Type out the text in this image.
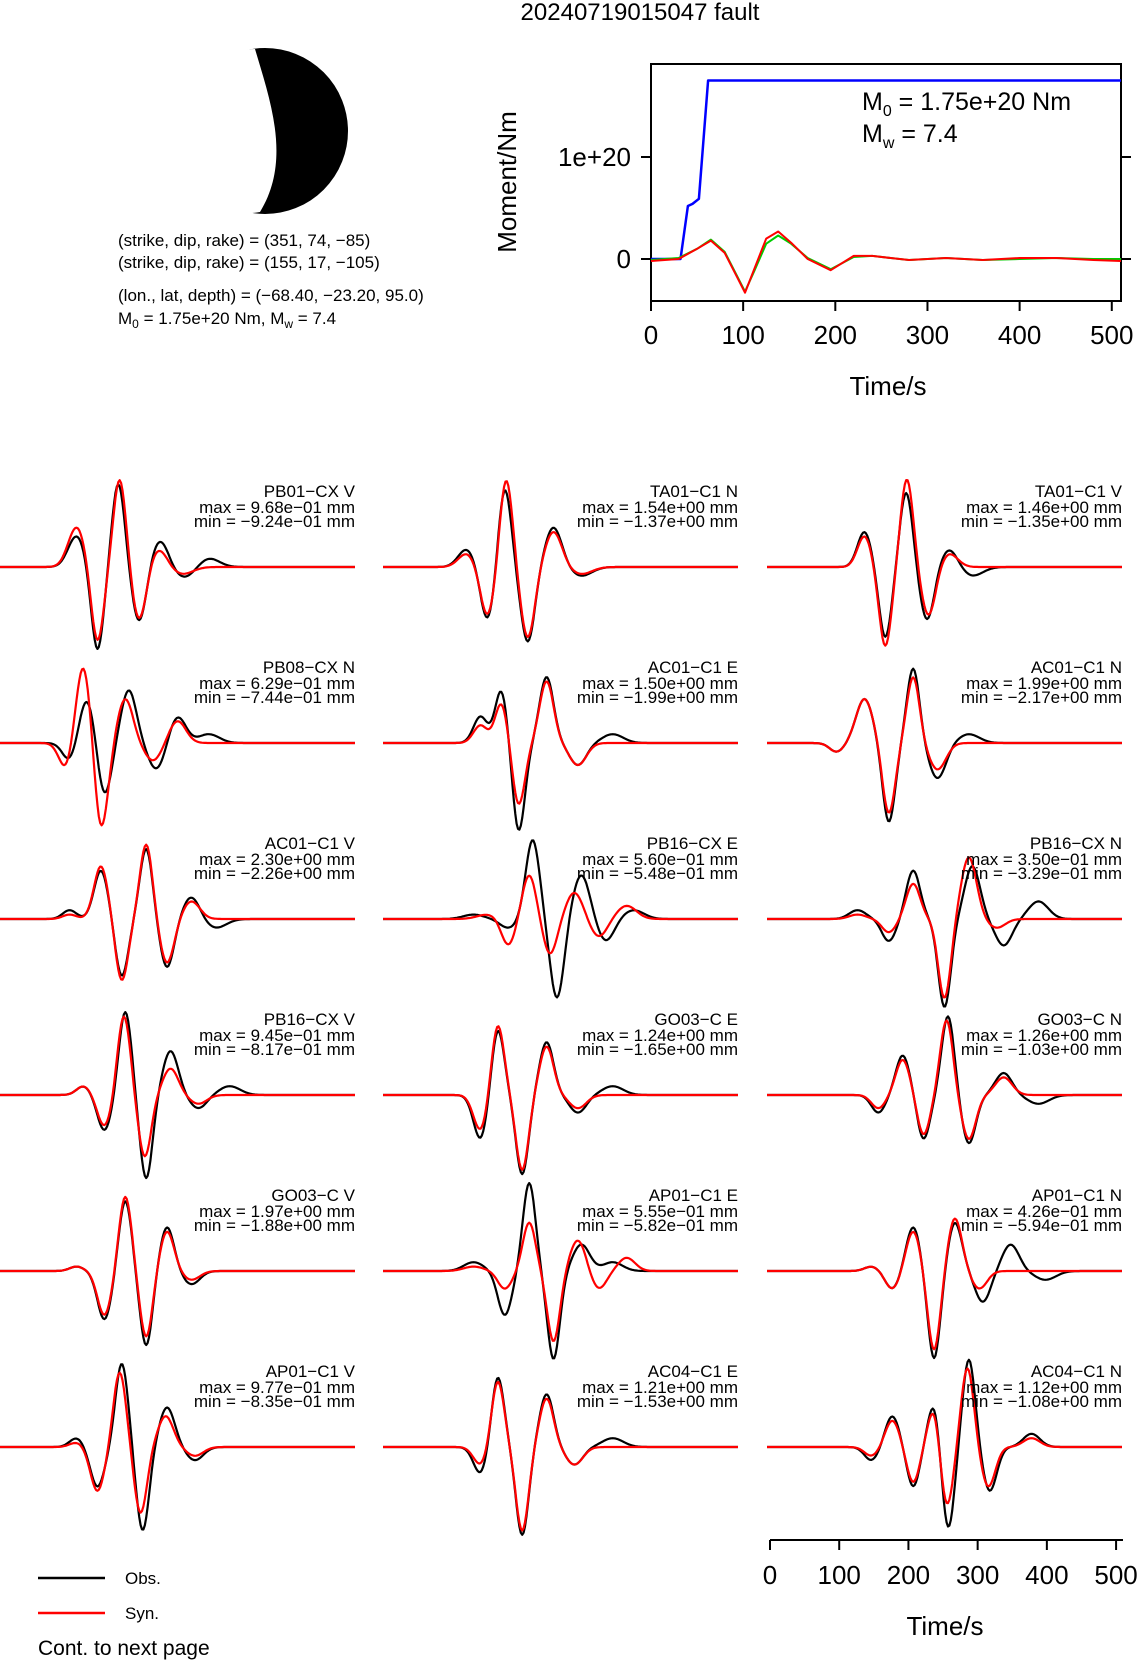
20240719015047 fault
(strike, dip, rake) = (351, 74, −85)
(strike, dip, rake) = (155, 17, −105)
(lon., lat, depth) = (−68.40, −23.20, 95.0)
$M_0 = 1.75e+20$ Nm, $M_w = 7.4$
$M_0 = 1.75e+20$ Nm
$M_w = 7.4$
Moment/Nm
Time/s
0 100 200 300 400 500
0
1e+20
PB01−CX V
max = 9.68e−01 mm
min = −9.24e−01 mm
TA01−C1 N
max = 1.54e+00 mm
min = −1.37e+00 mm
TA01−C1 V
max = 1.46e+00 mm
min = −1.35e+00 mm
PB08−CX N
max = 6.29e−01 mm
min = −7.44e−01 mm
AC01−C1 E
max = 1.50e+00 mm
min = −1.99e+00 mm
AC01−C1 N
max = 1.99e+00 mm
min = −2.17e+00 mm
AC01−C1 V
max = 2.30e+00 mm
min = −2.26e+00 mm
PB16−CX E
max = 5.60e−01 mm
min = −5.48e−01 mm
PB16−CX N
max = 3.50e−01 mm
min = −3.29e−01 mm
PB16−CX V
max = 9.45e−01 mm
min = −8.17e−01 mm
GO03−C E
max = 1.24e+00 mm
min = −1.65e+00 mm
GO03−C N
max = 1.26e+00 mm
min = −1.03e+00 mm
GO03−C V
max = 1.97e+00 mm
min = −1.88e+00 mm
AP01−C1 E
max = 5.55e−01 mm
min = −5.82e−01 mm
AP01−C1 N
max = 4.26e−01 mm
min = −5.94e−01 mm
AP01−C1 V
max = 9.77e−01 mm
min = −8.35e−01 mm
AC04−C1 E
max = 1.21e+00 mm
min = −1.53e+00 mm
AC04−C1 N
max = 1.12e+00 mm
min = −1.08e+00 mm
Time/s
0 100 200 300 400 500
Obs.
Syn.
Cont. to next page
